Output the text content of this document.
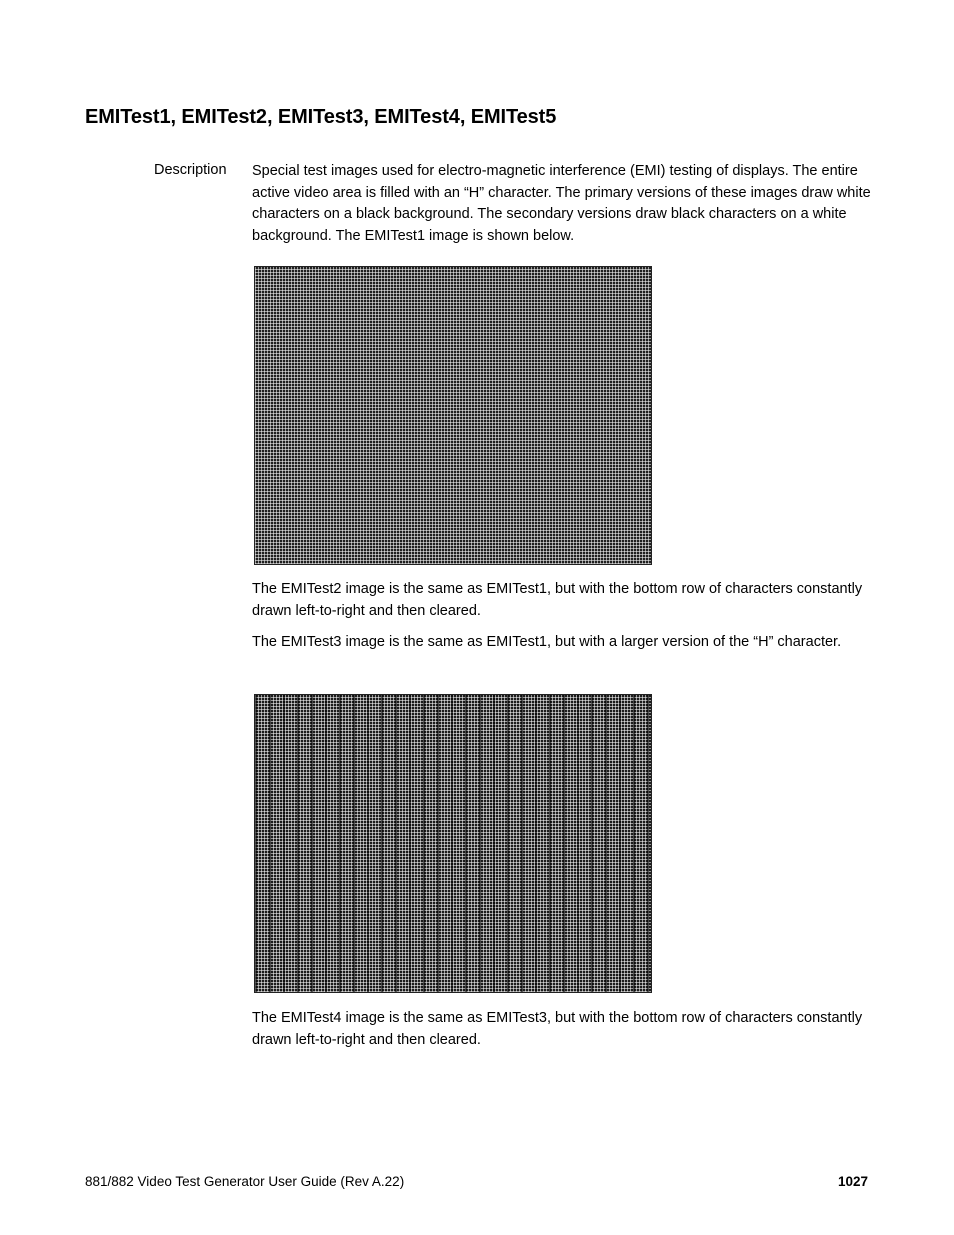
EMITest1, EMITest2, EMITest3, EMITest4, EMITest5
Description Special test images used for electro-magnetic interference (EMI) testing of displays. The entire active video area is filled with an “H” character. The primary versions of these images draw white characters on a black background. The secondary versions draw black characters on a white background. The EMITest1 image is shown below.

The EMITest2 image is the same as EMITest1, but with the bottom row of characters constantly drawn left-to-right and then cleared.

The EMITest3 image is the same as EMITest1, but with a larger version of the “H” character.

The EMITest4 image is the same as EMITest3, but with the bottom row of characters constantly drawn left-to-right and then cleared.

881/882 Video Test Generator User Guide (Rev A.22)	1027
